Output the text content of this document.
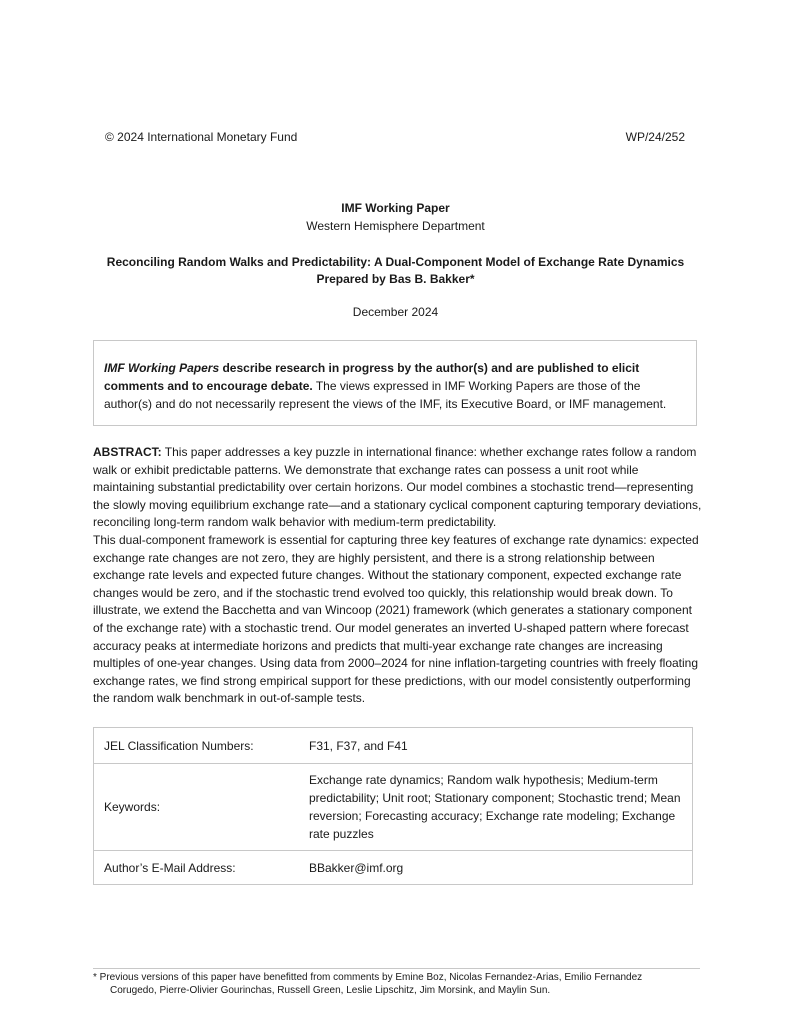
© 2024 International Monetary Fund	WP/24/252
IMF Working Paper
Western Hemisphere Department
Reconciling Random Walks and Predictability: A Dual-Component Model of Exchange Rate Dynamics
Prepared by Bas B. Bakker*
December 2024
IMF Working Papers describe research in progress by the author(s) and are published to elicit comments and to encourage debate. The views expressed in IMF Working Papers are those of the author(s) and do not necessarily represent the views of the IMF, its Executive Board, or IMF management.

ABSTRACT: This paper addresses a key puzzle in international finance: whether exchange rates follow a random walk or exhibit predictable patterns. We demonstrate that exchange rates can possess a unit root while maintaining substantial predictability over certain horizons. Our model combines a stochastic trend—representing the slowly moving equilibrium exchange rate—and a stationary cyclical component capturing temporary deviations, reconciling long-term random walk behavior with medium-term predictability.

This dual-component framework is essential for capturing three key features of exchange rate dynamics: expected exchange rate changes are not zero, they are highly persistent, and there is a strong relationship between exchange rate levels and expected future changes. Without the stationary component, expected exchange rate changes would be zero, and if the stochastic trend evolved too quickly, this relationship would break down. To illustrate, we extend the Bacchetta and van Wincoop (2021) framework (which generates a stationary component of the exchange rate) with a stochastic trend. Our model generates an inverted U-shaped pattern where forecast accuracy peaks at intermediate horizons and predicts that multi-year exchange rate changes are increasing multiples of one-year changes. Using data from 2000–2024 for nine inflation-targeting countries with freely floating exchange rates, we find strong empirical support for these predictions, with our model consistently outperforming the random walk benchmark in out-of-sample tests.

JEL Classification Numbers:	F31, F37, and F41
Keywords:	Exchange rate dynamics; Random walk hypothesis; Medium-term predictability; Unit root; Stationary component; Stochastic trend; Mean reversion; Forecasting accuracy; Exchange rate modeling; Exchange rate puzzles
Author’s E-Mail Address:	BBakker@imf.org
* Previous versions of this paper have benefitted from comments by Emine Boz, Nicolas Fernandez-Arias, Emilio Fernandez
Corugedo, Pierre-Olivier Gourinchas, Russell Green, Leslie Lipschitz, Jim Morsink, and Maylin Sun.
